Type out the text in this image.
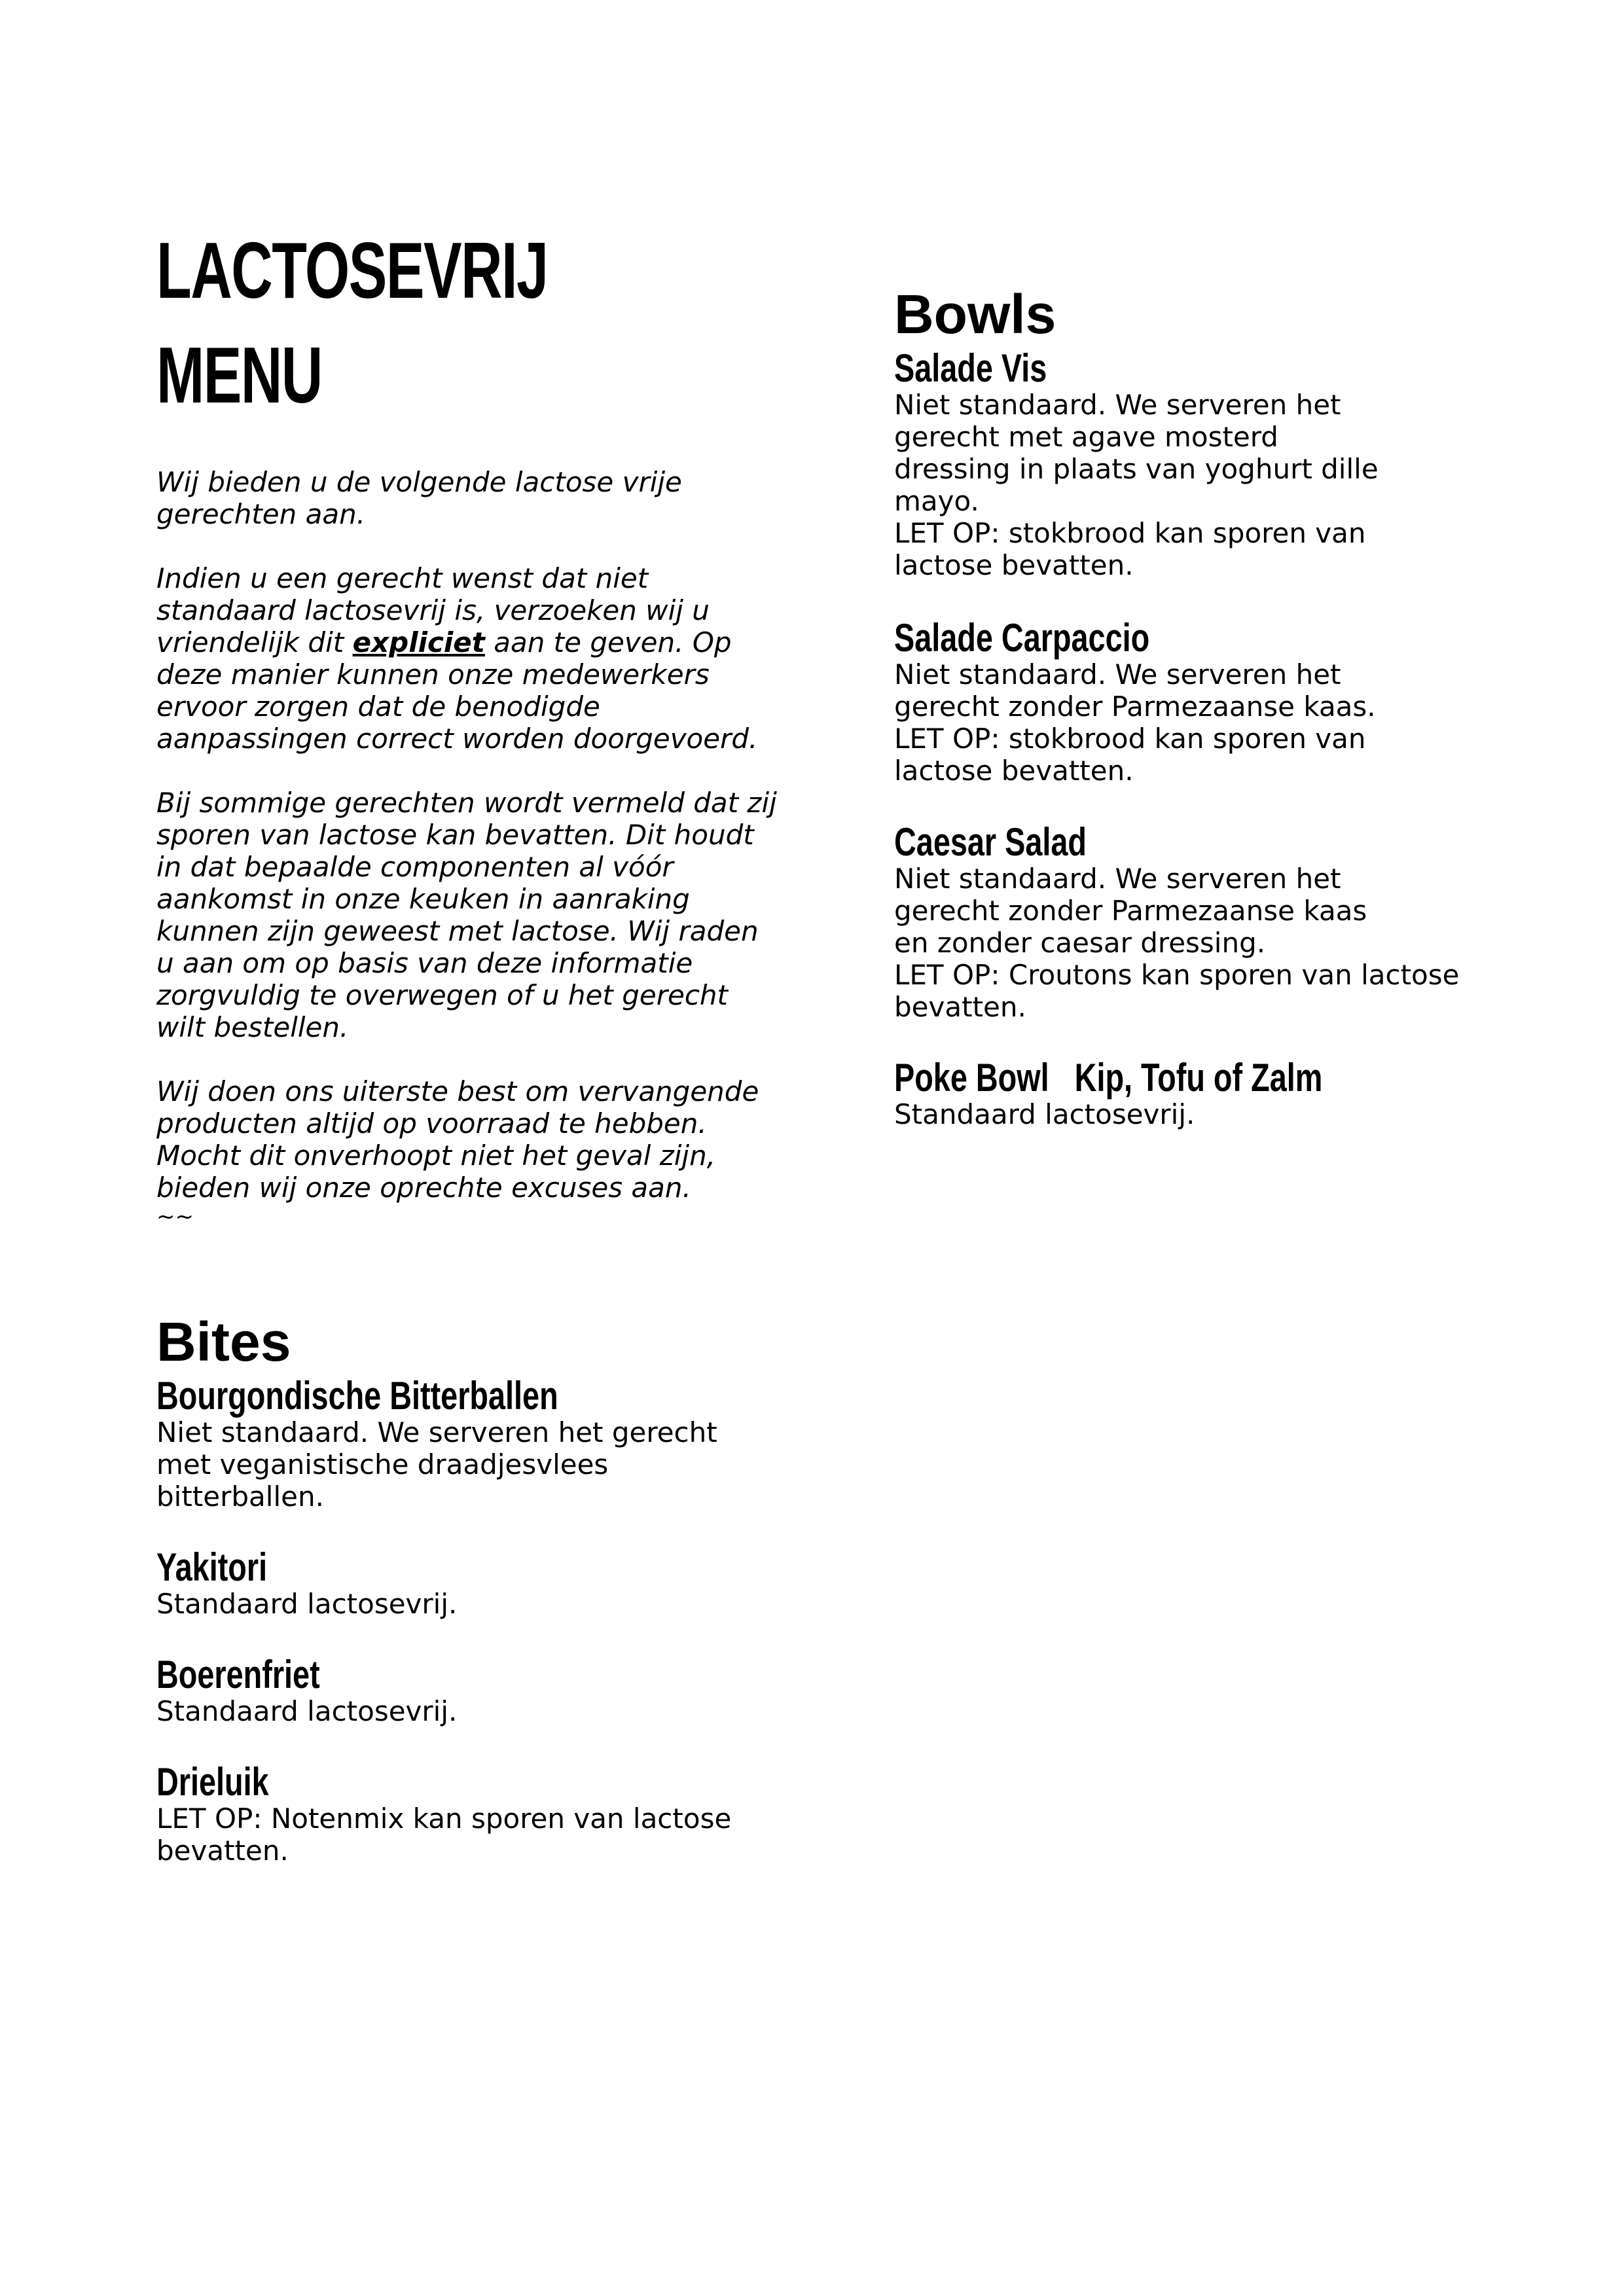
LACTOSEVRIJ
MENU

Wij bieden u de volgende lactose vrije
gerechten aan.

Indien u een gerecht wenst dat niet
standaard lactosevrij is, verzoeken wij u
vriendelijk dit expliciet aan te geven. Op
deze manier kunnen onze medewerkers
ervoor zorgen dat de benodigde
aanpassingen correct worden doorgevoerd.

Bij sommige gerechten wordt vermeld dat zij
sporen van lactose kan bevatten. Dit houdt
in dat bepaalde componenten al vóór
aankomst in onze keuken in aanraking
kunnen zijn geweest met lactose. Wij raden
u aan om op basis van deze informatie
zorgvuldig te overwegen of u het gerecht
wilt bestellen.

Wij doen ons uiterste best om vervangende
producten altijd op voorraad te hebben.
Mocht dit onverhoopt niet het geval zijn,
bieden wij onze oprechte excuses aan.

~~
Bites
Bourgondische Bitterballen
Niet standaard. We serveren het gerecht
met veganistische draadjesvlees
bitterballen.
Yakitori
Standaard lactosevrij.
Boerenfriet
Standaard lactosevrij.
Drieluik
LET OP: Notenmix kan sporen van lactose
bevatten.
Bowls
Salade Vis
Niet standaard. We serveren het
gerecht met agave mosterd
dressing in plaats van yoghurt dille
mayo.
LET OP: stokbrood kan sporen van
lactose bevatten.
Salade Carpaccio
Niet standaard. We serveren het
gerecht zonder Parmezaanse kaas.
LET OP: stokbrood kan sporen van
lactose bevatten.
Caesar Salad
Niet standaard. We serveren het
gerecht zonder Parmezaanse kaas
en zonder caesar dressing.
LET OP: Croutons kan sporen van lactose
bevatten.
Poke Bowl   Kip, Tofu of Zalm
Standaard lactosevrij.
